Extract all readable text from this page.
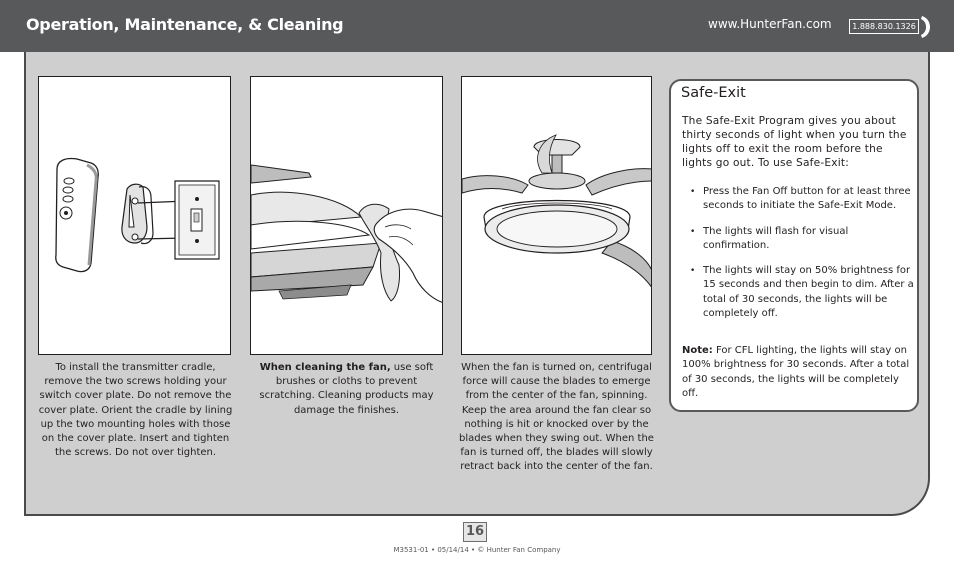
Operation, Maintenance, & Cleaning	www.HunterFan.com	1.888.830.1326
To install the transmitter cradle, remove the two screws holding your switch cover plate. Do not remove the cover plate. Orient the cradle by lining up the two mounting holes with those on the cover plate. Insert and tighten the screws. Do not over tighten.
When cleaning the fan, use soft brushes or cloths to prevent scratching. Cleaning products may damage the finishes.
When the fan is turned on, centrifugal force will cause the blades to emerge from the center of the fan, spinning. Keep the area around the fan clear so nothing is hit or knocked over by the blades when they swing out. When the fan is turned off, the blades will slowly retract back into the center of the fan.
Safe-Exit
The Safe-Exit Program gives you about thirty seconds of light when you turn the lights off to exit the room before the lights go out. To use Safe-Exit:
• Press the Fan Off button for at least three seconds to initiate the Safe-Exit Mode.
• The lights will flash for visual confirmation.
• The lights will stay on 50% brightness for 15 seconds and then begin to dim. After a total of 30 seconds, the lights will be completely off.
Note: For CFL lighting, the lights will stay on 100% brightness for 30 seconds. After a total of 30 seconds, the lights will be completely off.
16
M3531-01 • 05/14/14 • © Hunter Fan Company
